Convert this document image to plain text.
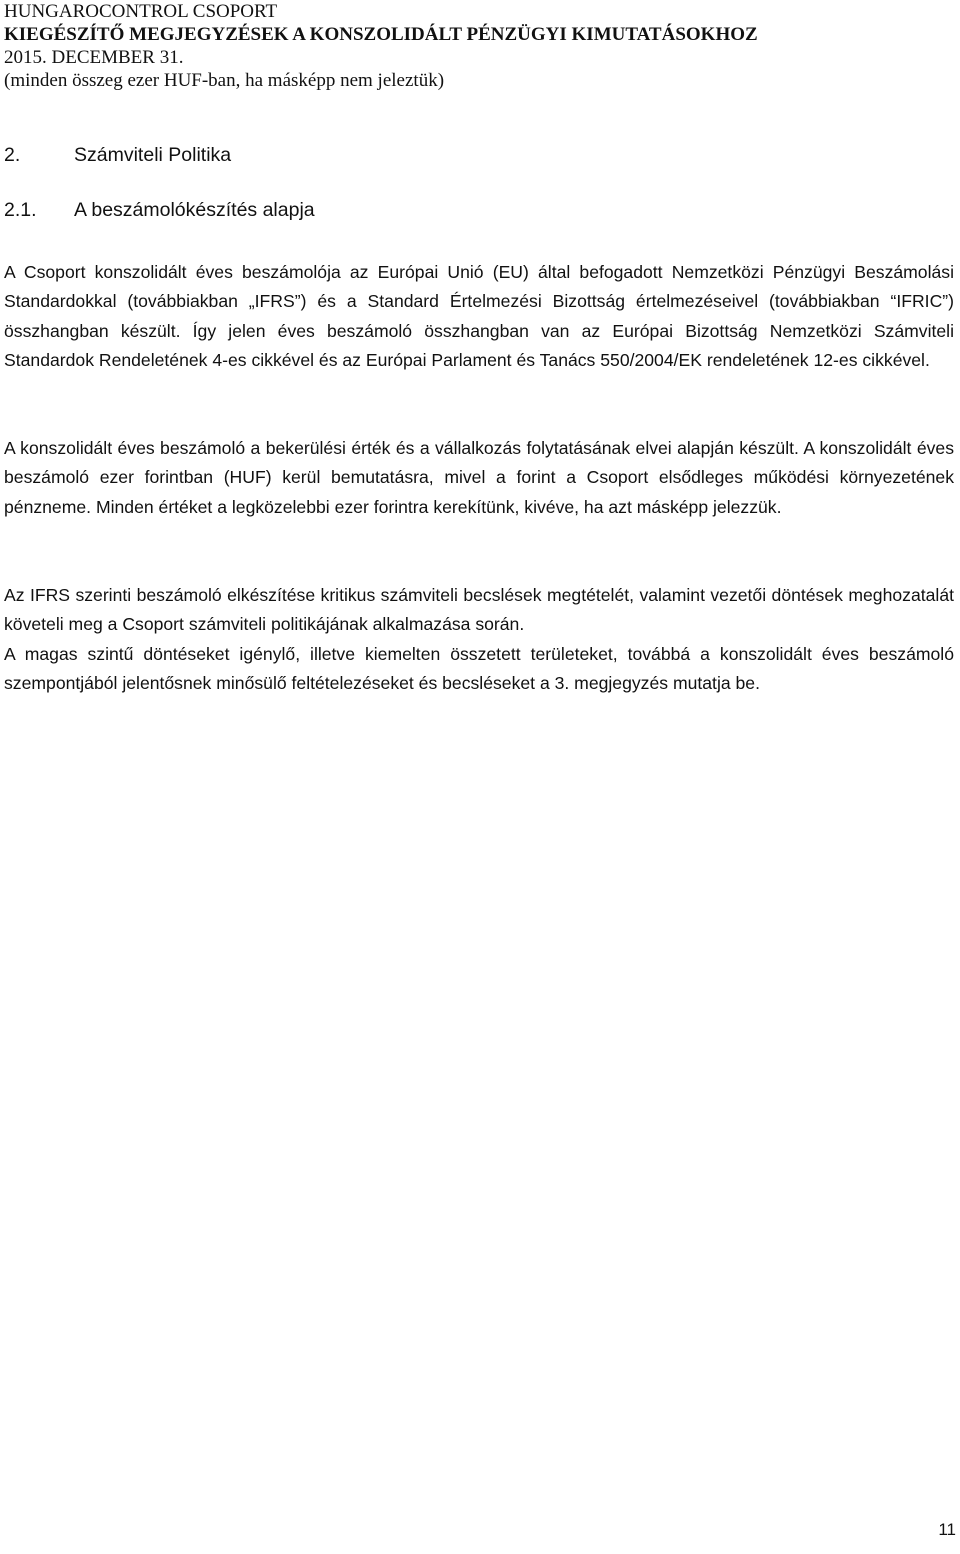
HUNGAROCONTROL CSOPORT
KIEGÉSZÍTŐ MEGJEGYZÉSEK A KONSZOLIDÁLT PÉNZÜGYI KIMUTATÁSOKHOZ
2015. DECEMBER 31.
(minden összeg ezer HUF-ban, ha másképp nem jeleztük)
2.	Számviteli Politika
2.1. A beszámolókészítés alapja

A Csoport konszolidált éves beszámolója az Európai Unió (EU) által befogadott Nemzetközi Pénzügyi Beszámolási Standardokkal (továbbiakban „IFRS”) és a Standard Értelmezési Bizottság értelmezéseivel (továbbiakban “IFRIC”) összhangban készült. Így jelen éves beszámoló összhangban van az Európai Bizottság Nemzetközi Számviteli Standardok Rendeletének 4-es cikkével és az Európai Parlament és Tanács 550/2004/EK rendeletének 12-es cikkével.

A konszolidált éves beszámoló a bekerülési érték és a vállalkozás folytatásának elvei alapján készült. A konszolidált éves beszámoló ezer forintban (HUF) kerül bemutatásra, mivel a forint a Csoport elsődleges működési környezetének pénzneme. Minden értéket a legközelebbi ezer forintra kerekítünk, kivéve, ha azt másképp jelezzük.

Az IFRS szerinti beszámoló elkészítése kritikus számviteli becslések megtételét, valamint vezetői döntések meghozatalát követeli meg a Csoport számviteli politikájának alkalmazása során.

A magas szintű döntéseket igénylő, illetve kiemelten összetett területeket, továbbá a konszolidált éves beszámoló szempontjából jelentősnek minősülő feltételezéseket és becsléseket a 3. megjegyzés mutatja be.

11
